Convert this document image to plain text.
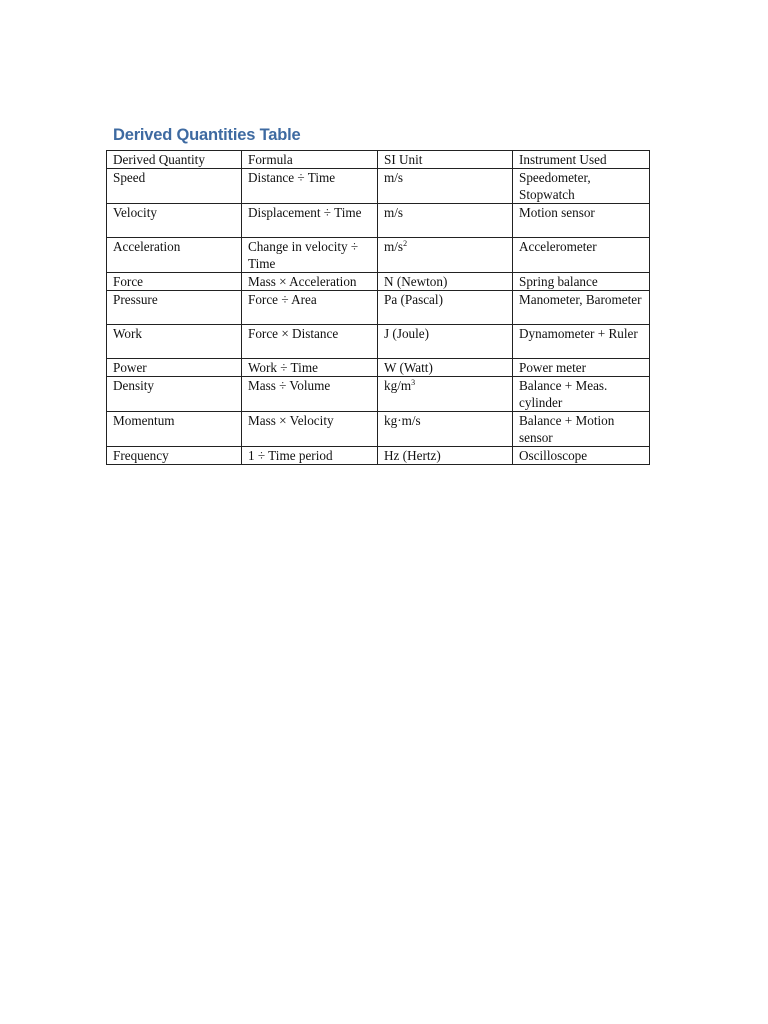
Derived Quantities Table
Derived Quantity	Formula	SI Unit	Instrument Used
Speed	Distance ÷ Time	m/s	Speedometer, Stopwatch
Velocity	Displacement ÷ Time	m/s	Motion sensor
Acceleration	Change in velocity ÷ Time	$m/s^2$	Accelerometer
Force	Mass × Acceleration	N (Newton)	Spring balance
Pressure	Force ÷ Area	Pa (Pascal)	Manometer, Barometer
Work	Force × Distance	J (Joule)	Dynamometer + Ruler
Power	Work ÷ Time	W (Watt)	Power meter
Density	Mass ÷ Volume	$kg/m^3$	Balance + Meas. cylinder
Momentum	Mass × Velocity	kg·m/s	Balance + Motion sensor
Frequency	1 ÷ Time period	Hz (Hertz)	Oscilloscope
